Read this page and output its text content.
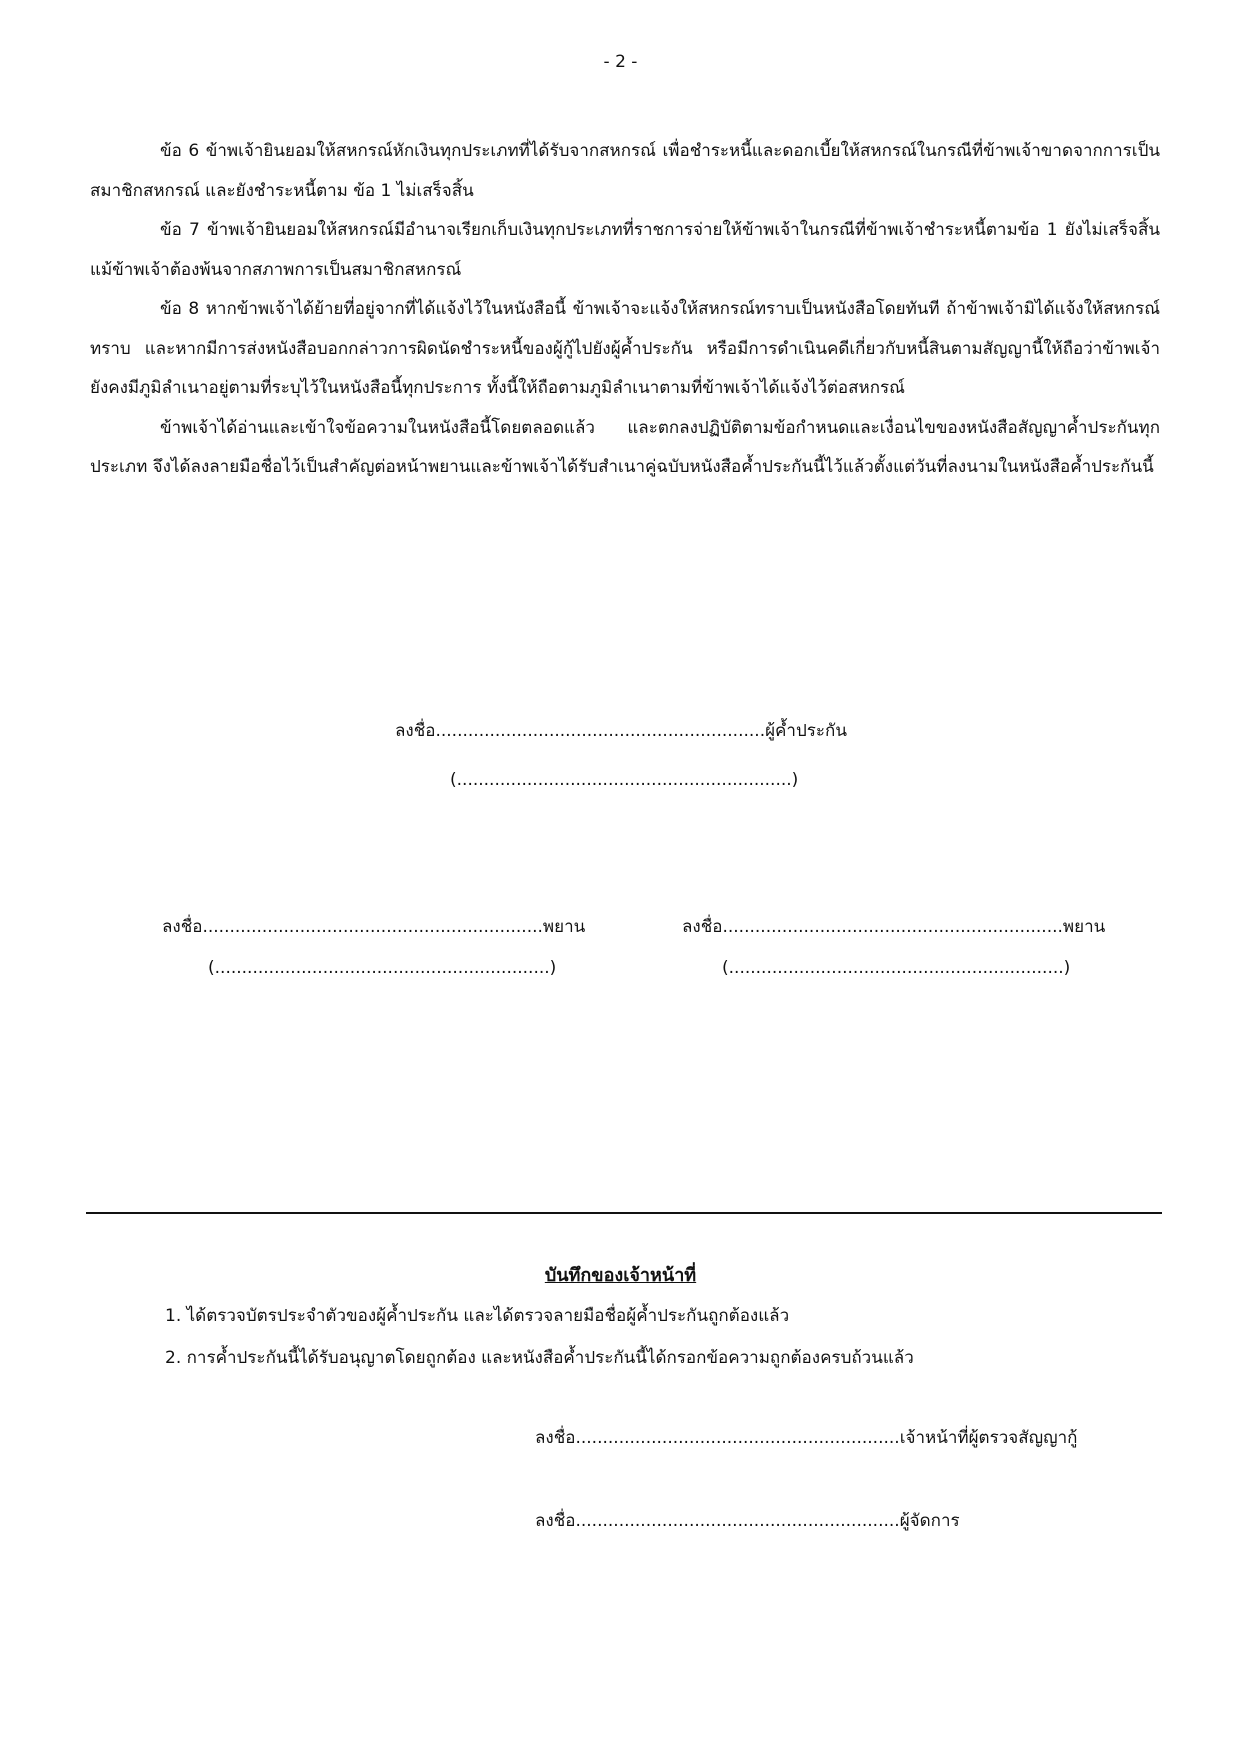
- 2 -

ข้อ 6 ข้าพเจ้ายินยอมให้สหกรณ์หักเงินทุกประเภทที่ได้รับจากสหกรณ์ เพื่อชำระหนี้และดอกเบี้ยให้สหกรณ์ในกรณีที่ข้าพเจ้าขาดจากการเป็นสมาชิกสหกรณ์ และยังชำระหนี้ตาม ข้อ 1 ไม่เสร็จสิ้น

ข้อ 7 ข้าพเจ้ายินยอมให้สหกรณ์มีอำนาจเรียกเก็บเงินทุกประเภทที่ราชการจ่ายให้ข้าพเจ้าในกรณีที่ข้าพเจ้าชำระหนี้ตามข้อ 1 ยังไม่เสร็จสิ้น แม้ข้าพเจ้าต้องพ้นจากสภาพการเป็นสมาชิกสหกรณ์

ข้อ 8 หากข้าพเจ้าได้ย้ายที่อยู่จากที่ได้แจ้งไว้ในหนังสือนี้ ข้าพเจ้าจะแจ้งให้สหกรณ์ทราบเป็นหนังสือโดยทันที ถ้าข้าพเจ้ามิได้แจ้งให้สหกรณ์ทราบ และหากมีการส่งหนังสือบอกกล่าวการผิดนัดชำระหนี้ของผู้กู้ไปยังผู้ค้ำประกัน หรือมีการดำเนินคดีเกี่ยวกับหนี้สินตามสัญญานี้ให้ถือว่าข้าพเจ้ายังคงมีภูมิลำเนาอยู่ตามที่ระบุไว้ในหนังสือนี้ทุกประการ ทั้งนี้ให้ถือตามภูมิลำเนาตามที่ข้าพเจ้าได้แจ้งไว้ต่อสหกรณ์

ข้าพเจ้าได้อ่านและเข้าใจข้อความในหนังสือนี้โดยตลอดแล้ว และตกลงปฏิบัติตามข้อกำหนดและเงื่อนไขของหนังสือสัญญาค้ำประกันทุกประเภท จึงได้ลงลายมือชื่อไว้เป็นสำคัญต่อหน้าพยานและข้าพเจ้าได้รับสำเนาคู่ฉบับหนังสือค้ำประกันนี้ไว้แล้วตั้งแต่วันที่ลงนามในหนังสือค้ำประกันนี้

ลงชื่อ.............................................................ผู้ค้ำประกัน
(..............................................................)
ลงชื่อ...............................................................พยาน
(..............................................................)
ลงชื่อ...............................................................พยาน
(..............................................................)
บันทึกของเจ้าหน้าที่
1. ได้ตรวจบัตรประจำตัวของผู้ค้ำประกัน และได้ตรวจลายมือชื่อผู้ค้ำประกันถูกต้องแล้ว
2. การค้ำประกันนี้ได้รับอนุญาตโดยถูกต้อง และหนังสือค้ำประกันนี้ได้กรอกข้อความถูกต้องครบถ้วนแล้ว
ลงชื่อ............................................................เจ้าหน้าที่ผู้ตรวจสัญญากู้
ลงชื่อ............................................................ผู้จัดการ
